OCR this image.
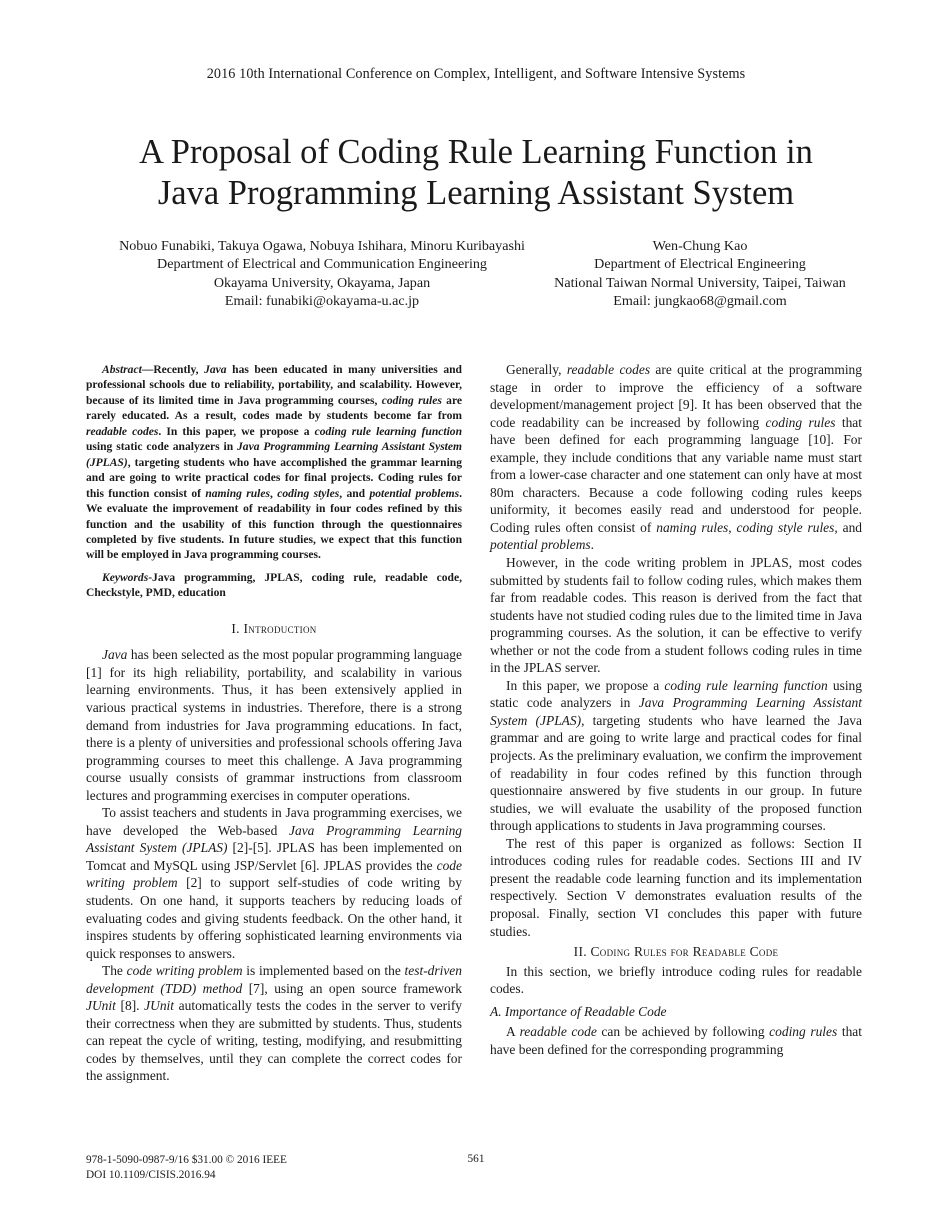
2016 10th International Conference on Complex, Intelligent, and Software Intensive Systems
A Proposal of Coding Rule Learning Function in
Java Programming Learning Assistant System
Nobuo Funabiki, Takuya Ogawa, Nobuya Ishihara, Minoru Kuribayashi
Department of Electrical and Communication Engineering
Okayama University, Okayama, Japan
Email: funabiki@okayama-u.ac.jp
Wen-Chung Kao
Department of Electrical Engineering
National Taiwan Normal University, Taipei, Taiwan
Email: jungkao68@gmail.com

Abstract—Recently, Java has been educated in many universities and professional schools due to reliability, portability, and scalability. However, because of its limited time in Java programming courses, coding rules are rarely educated. As a result, codes made by students become far from readable codes. In this paper, we propose a coding rule learning function using static code analyzers in Java Programming Learning Assistant System (JPLAS), targeting students who have accomplished the grammar learning and are going to write practical codes for final projects. Coding rules for this function consist of naming rules, coding styles, and potential problems. We evaluate the improvement of readability in four codes refined by this function and the usability of this function through the questionnaires completed by five students. In future studies, we expect that this function will be employed in Java programming courses.

Keywords-Java programming, JPLAS, coding rule, readable code, Checkstyle, PMD, education

I. Introduction

Java has been selected as the most popular programming language [1] for its high reliability, portability, and scalability in various learning environments. Thus, it has been extensively applied in various practical systems in industries. Therefore, there is a strong demand from industries for Java programming educations. In fact, there is a plenty of universities and professional schools offering Java programming courses to meet this challenge. A Java programming course usually consists of grammar instructions from classroom lectures and programming exercises in computer operations.

To assist teachers and students in Java programming exercises, we have developed the Web-based Java Programming Learning Assistant System (JPLAS) [2]-[5]. JPLAS has been implemented on Tomcat and MySQL using JSP/Servlet [6]. JPLAS provides the code writing problem [2] to support self-studies of code writing by students. On one hand, it supports teachers by reducing loads of evaluating codes and giving students feedback. On the other hand, it inspires students by offering sophisticated learning environments via quick responses to answers.

The code writing problem is implemented based on the test-driven development (TDD) method [7], using an open source framework JUnit [8]. JUnit automatically tests the codes in the server to verify their correctness when they are submitted by students. Thus, students can repeat the cycle of writing, testing, modifying, and resubmitting codes by themselves, until they can complete the correct codes for the assignment.

Generally, readable codes are quite critical at the programming stage in order to improve the efficiency of a software development/management project [9]. It has been observed that the code readability can be increased by following coding rules that have been defined for each programming language [10]. For example, they include conditions that any variable name must start from a lower-case character and one statement can only have at most 80m characters. Because a code following coding rules keeps uniformity, it becomes easily read and understood for people. Coding rules often consist of naming rules, coding style rules, and potential problems.

However, in the code writing problem in JPLAS, most codes submitted by students fail to follow coding rules, which makes them far from readable codes. This reason is derived from the fact that students have not studied coding rules due to the limited time in Java programming courses. As the solution, it can be effective to verify whether or not the code from a student follows coding rules in time in the JPLAS server.

In this paper, we propose a coding rule learning function using static code analyzers in Java Programming Learning Assistant System (JPLAS), targeting students who have learned the Java grammar and are going to write large and practical codes for final projects. As the preliminary evaluation, we confirm the improvement of readability in four codes refined by this function through questionnaire answered by five students in our group. In future studies, we will evaluate the usability of the proposed function through applications to students in Java programming courses.

The rest of this paper is organized as follows: Section II introduces coding rules for readable codes. Sections III and IV present the readable code learning function and its implementation respectively. Section V demonstrates evaluation results of the proposal. Finally, section VI concludes this paper with future studies.

II. Coding Rules for Readable Code

In this section, we briefly introduce coding rules for readable codes.

A. Importance of Readable Code

A readable code can be achieved by following coding rules that have been defined for the corresponding programming

978-1-5090-0987-9/16 $31.00 © 2016 IEEE
DOI 10.1109/CISIS.2016.94
561
